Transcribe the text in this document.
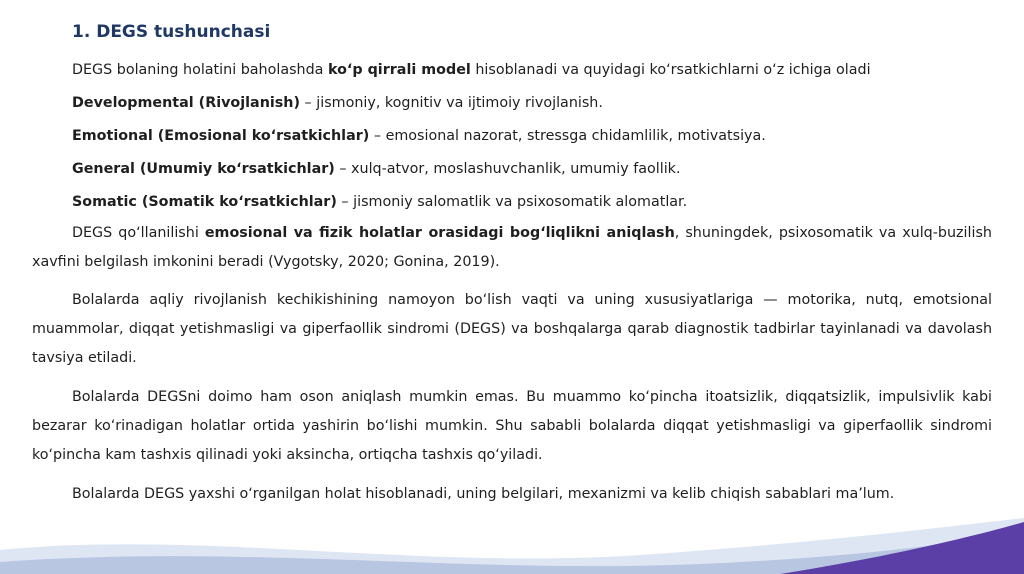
1. DEGS tushunchasi
DEGS bolaning holatini baholashda ko‘p qirrali model hisoblanadi va quyidagi ko‘rsatkichlarni o‘z ichiga oladi
Developmental (Rivojlanish) – jismoniy, kognitiv va ijtimoiy rivojlanish.
Emotional (Emosional ko‘rsatkichlar) – emosional nazorat, stressga chidamlilik, motivatsiya.
General (Umumiy ko‘rsatkichlar) – xulq-atvor, moslashuvchanlik, umumiy faollik.
Somatic (Somatik ko‘rsatkichlar) – jismoniy salomatlik va psixosomatik alomatlar.
DEGS qo‘llanilishi emosional va fizik holatlar orasidagi bog‘liqlikni aniqlash, shuningdek, psixosomatik va xulq-buzilish xavfini belgilash imkonini beradi (Vygotsky, 2020; Gonina, 2019).
Bolalarda aqliy rivojlanish kechikishining namoyon bo‘lish vaqti va uning xususiyatlariga — motorika, nutq, emotsional muammolar, diqqat yetishmasligi va giperfaollik sindromi (DEGS) va boshqalarga qarab diagnostik tadbirlar tayinlanadi va davolash tavsiya etiladi.
Bolalarda DEGSni doimo ham oson aniqlash mumkin emas. Bu muammo ko‘pincha itoatsizlik, diqqatsizlik, impulsivlik kabi bezarar ko‘rinadigan holatlar ortida yashirin bo‘lishi mumkin. Shu sababli bolalarda diqqat yetishmasligi va giperfaollik sindromi ko‘pincha kam tashxis qilinadi yoki aksincha, ortiqcha tashxis qo‘yiladi.
Bolalarda DEGS yaxshi o‘rganilgan holat hisoblanadi, uning belgilari, mexanizmi va kelib chiqish sabablari ma’lum.
